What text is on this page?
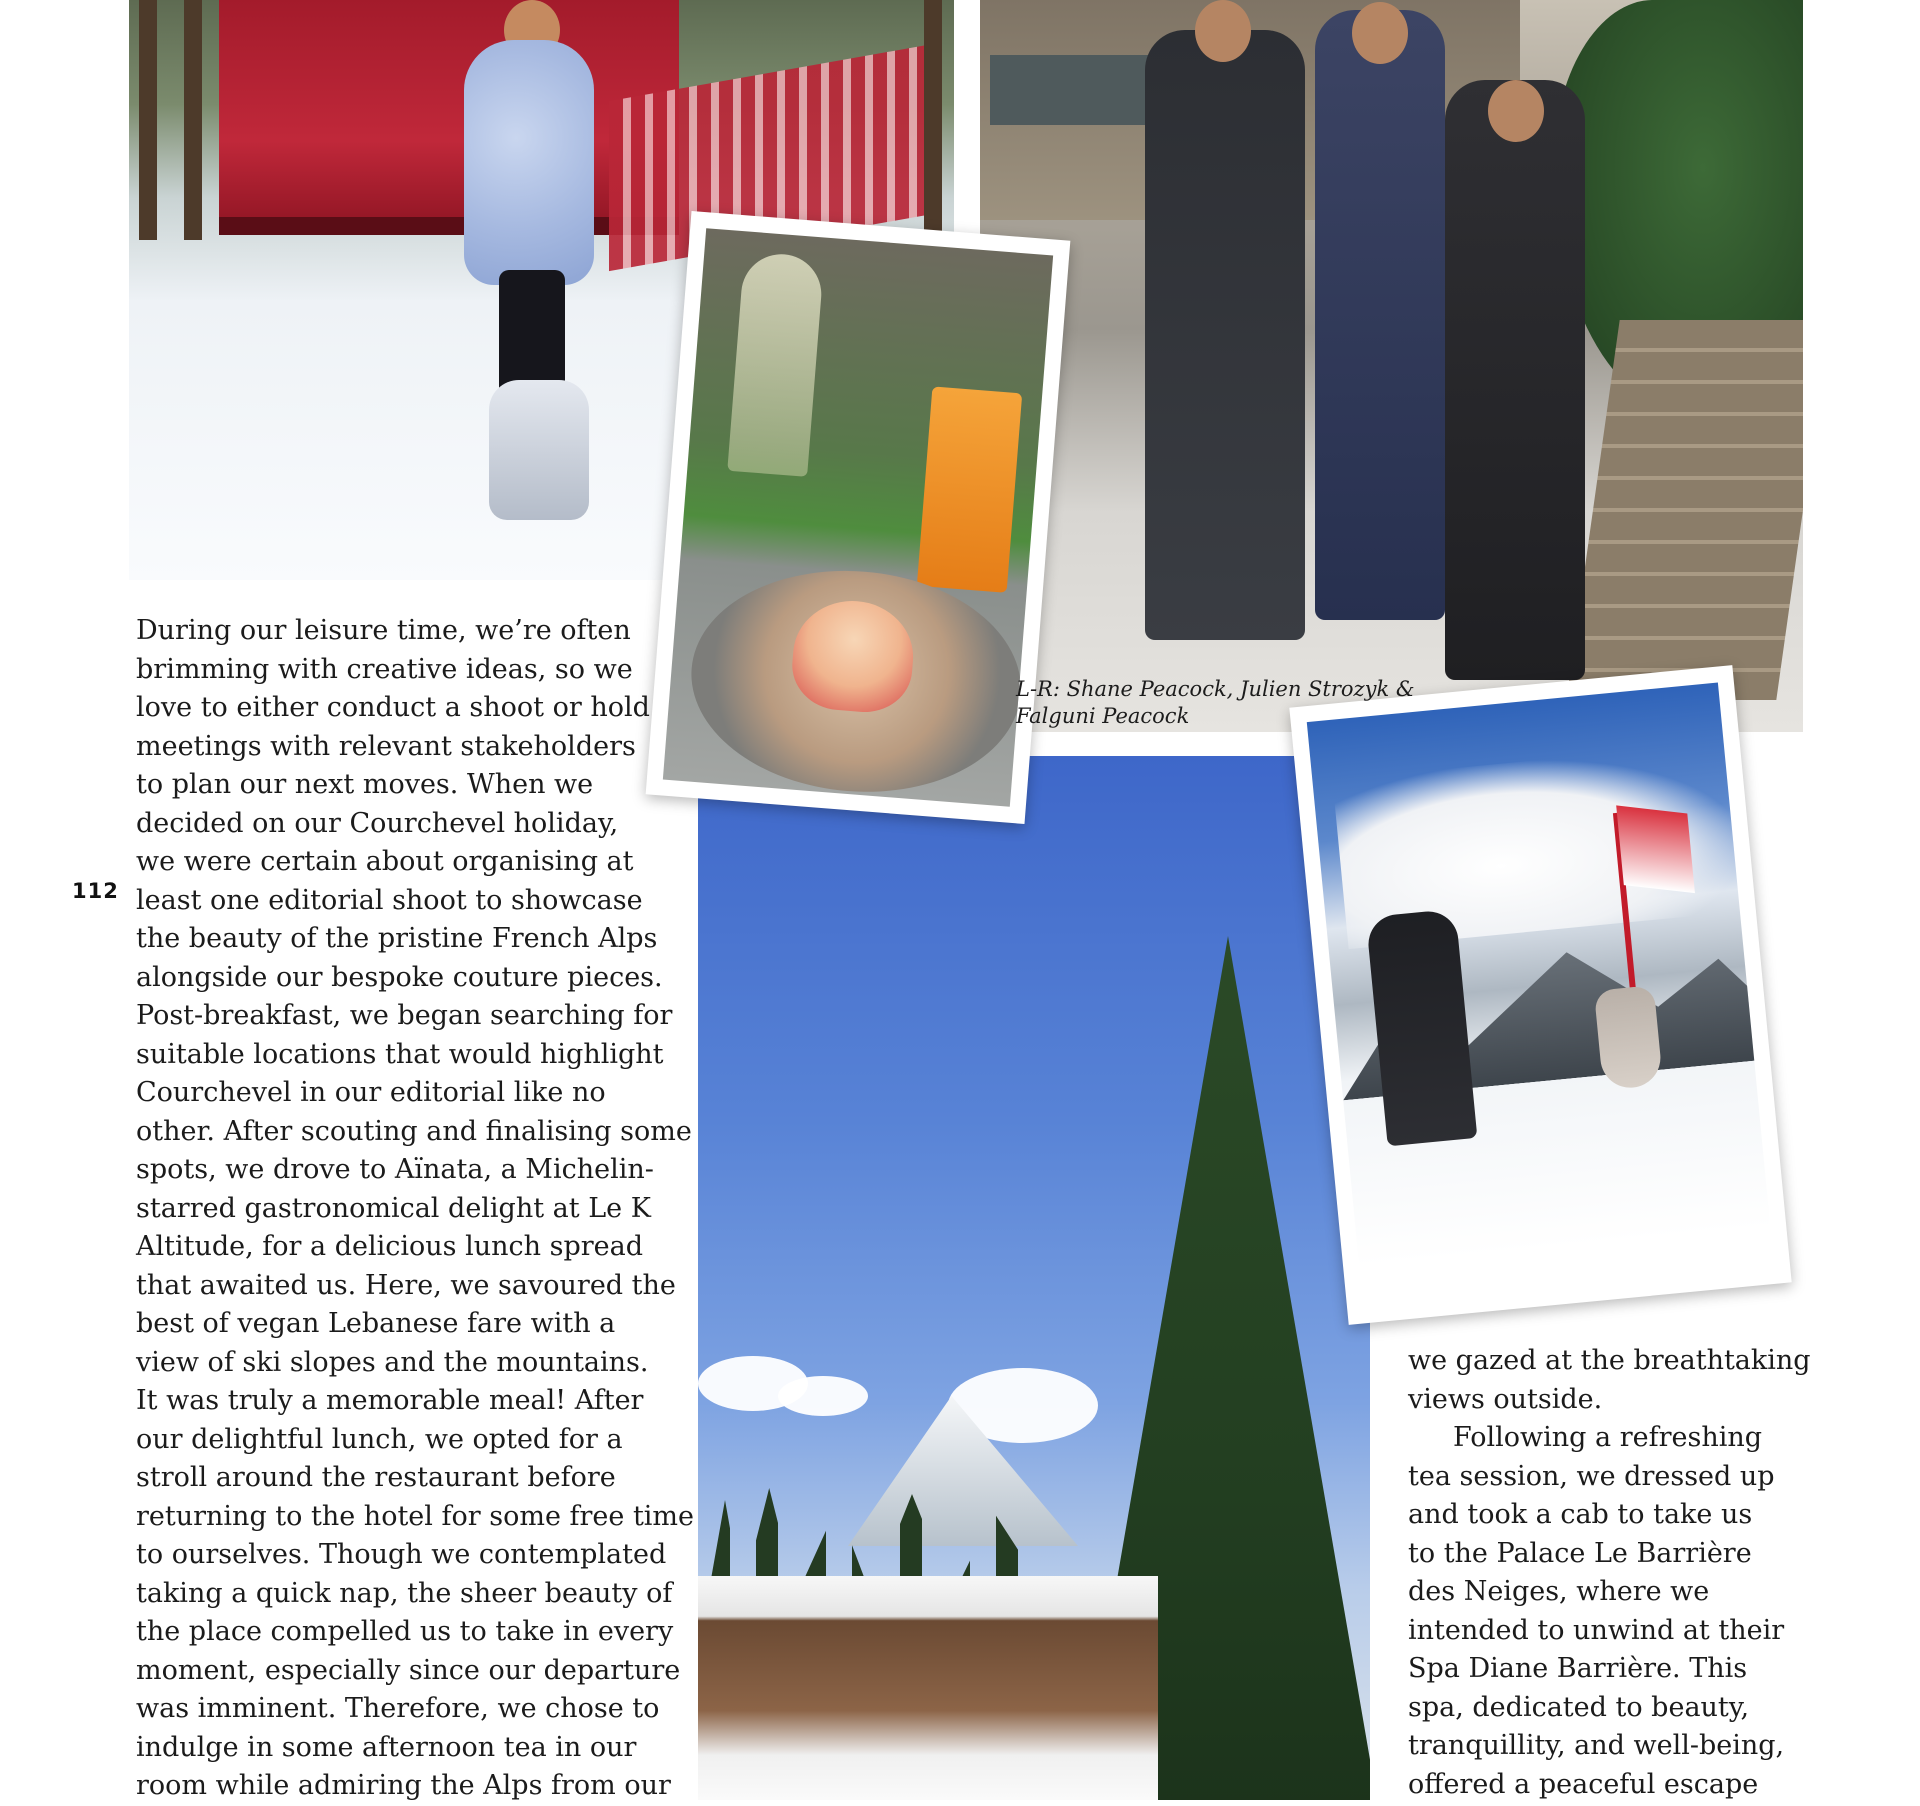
L-R: Shane Peacock, Julien Strozyk &
Falguni Peacock
112
During our leisure time, we’re often
brimming with creative ideas, so we
love to either conduct a shoot or hold
meetings with relevant stakeholders
to plan our next moves. When we
decided on our Courchevel holiday,
we were certain about organising at
least one editorial shoot to showcase
the beauty of the pristine French Alps
alongside our bespoke couture pieces.
Post-breakfast, we began searching for
suitable locations that would highlight
Courchevel in our editorial like no
other. After scouting and finalising some
spots, we drove to Aïnata, a Michelin-
starred gastronomical delight at Le K
Altitude, for a delicious lunch spread
that awaited us. Here, we savoured the
best of vegan Lebanese fare with a
view of ski slopes and the mountains.
It was truly a memorable meal! After
our delightful lunch, we opted for a
stroll around the restaurant before
returning to the hotel for some free time
to ourselves. Though we contemplated
taking a quick nap, the sheer beauty of
the place compelled us to take in every
moment, especially since our departure
was imminent. Therefore, we chose to
indulge in some afternoon tea in our
room while admiring the Alps from our
we gazed at the breathtaking
views outside.
Following a refreshing
tea session, we dressed up
and took a cab to take us
to the Palace Le Barrière
des Neiges, where we
intended to unwind at their
Spa Diane Barrière. This
spa, dedicated to beauty,
tranquillity, and well-being,
offered a peaceful escape
